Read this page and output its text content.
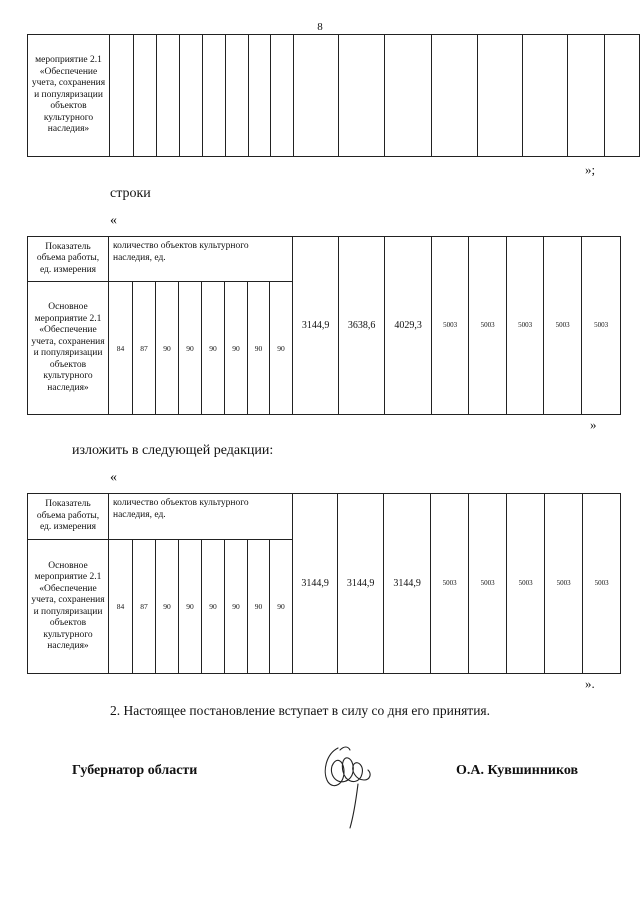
8
мероприятие 2.1 «Обеспечение учета, сохранения и популяризации объектов культурного наследия»																
»;
строки
«
Показатель объема работы, ед. измерения	количество объектов культурного наследия, ед.								3144,9	3638,6	4029,3	5003	5003	5003	5003	5003
Основное мероприятие 2.1 «Обеспечение учета, сохранения и популяризации объектов культурного наследия»	84	87	90	90	90	90	90	90								
»
изложить в следующей редакции:
«
Показатель объема работы, ед. измерения	количество объектов культурного наследия, ед.								3144,9	3144,9	3144,9	5003	5003	5003	5003	5003
Основное мероприятие 2.1 «Обеспечение учета, сохранения и популяризации объектов культурного наследия»	84	87	90	90	90	90	90	90								
».
2. Настоящее постановление вступает в силу со дня его принятия.
Губернатор области	О.А. Кувшинников
